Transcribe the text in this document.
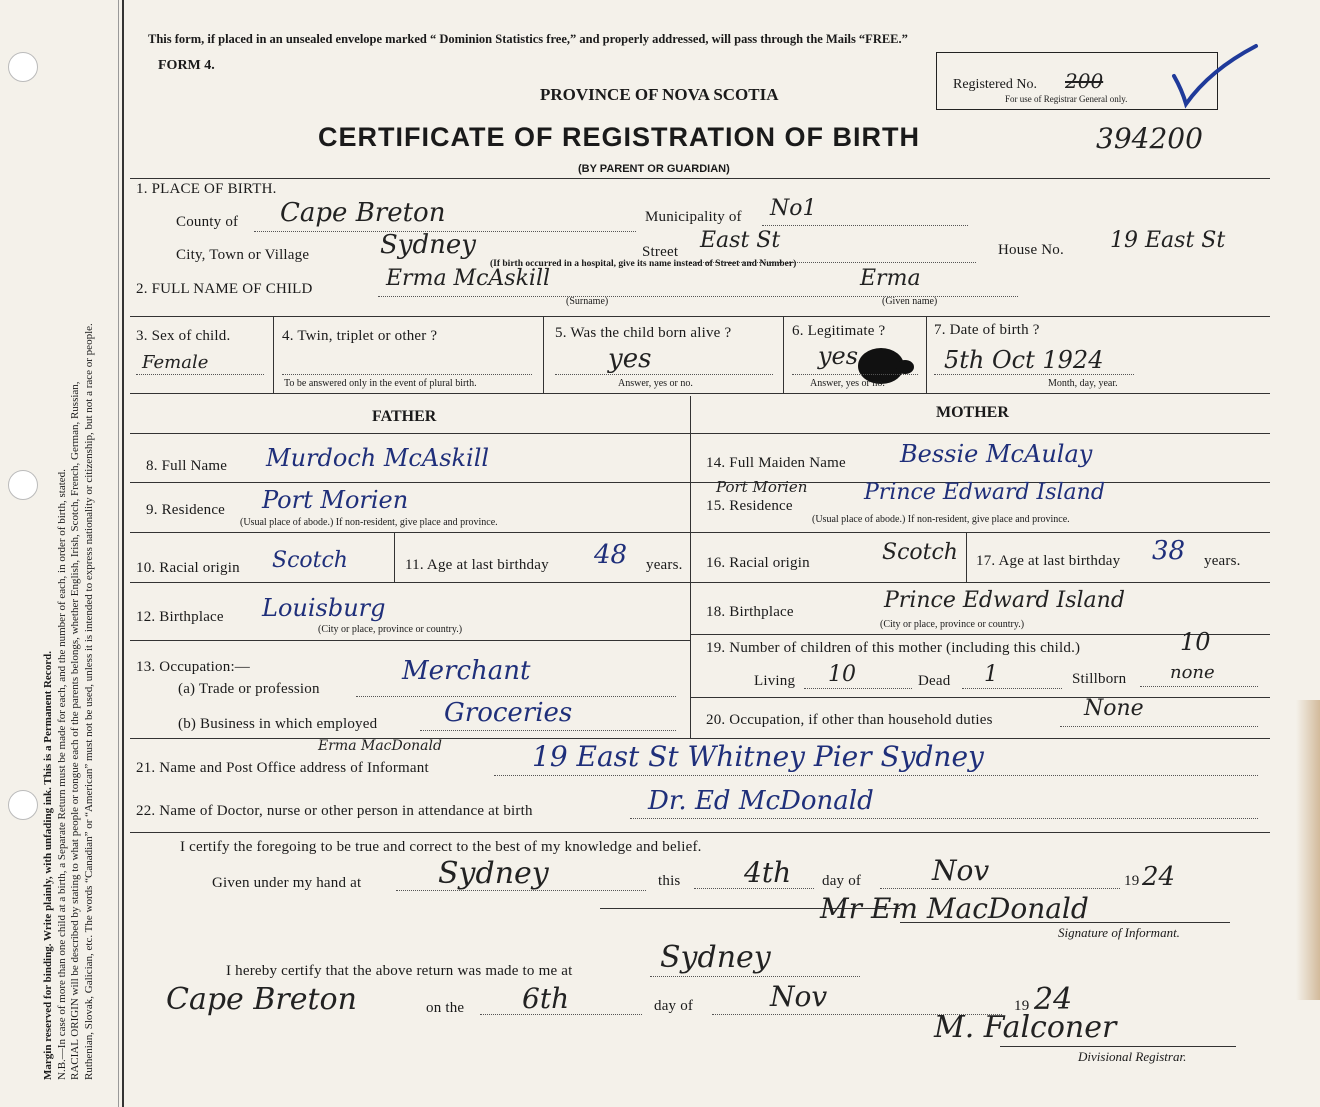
Margin reserved for binding. Write plainly, with unfading ink. This is a Permanent Record. N.B.—In case of more than one child at a birth, a Separate Return must be made for each, and the number of each, in order of birth, stated. RACIAL ORIGIN will be described by stating to what people or tongue each of the parents belongs, whether English, Irish, Scotch, French, German, Russian, Ruthenian, Slovak, Galician, etc. The words “Canadian” or “American” must not be used, unless it is intended to express nationality or citizenship, but not a race or people.
This form, if placed in an unsealed envelope marked “ Dominion Statistics free,” and properly addressed, will pass through the Mails “FREE.”
FORM 4.
PROVINCE OF NOVA SCOTIA
CERTIFICATE OF REGISTRATION OF BIRTH	394200
(BY PARENT OR GUARDIAN)
Registered No. 200
For use of Registrar General only.
1. PLACE OF BIRTH.
County of Cape Breton	Municipality of No1
City, Town or Village	Sydney	Street East St	House No. 19 East St
(If birth occurred in a hospital, give its name instead of Street and Number)
2. FULL NAME OF CHILD	Erma McAskill	Erma
(Surname)	(Given name)
3. Sex of child.
Female
4. Twin, triplet or other ?
To be answered only in the event of plural birth.
5. Was the child born alive ?
yes
Answer, yes or no.
6. Legitimate ?
yes
Answer, yes or no.
7. Date of birth ?
5th Oct 1924
Month, day, year.
FATHER
8. Full Name Murdoch McAskill
9. Residence Port Morien
(Usual place of abode.) If non-resident, give place and province.
10. Racial origin Scotch	11. Age at last birthday 48 years.
12. Birthplace Louisburg
(City or place, province or country.)
13. Occupation:—
(a) Trade or profession
Merchant
(b) Business in which employed	Groceries
MOTHER
14. Full Maiden Name Bessie McAulay
Port Morien
15. Residence
Prince Edward Island
(Usual place of abode.) If non-resident, give place and province.
16. Racial origin	Scotch 17. Age at last birthday 38 years.
18. Birthplace	Prince Edward Island
(City or place, province or country.)
19. Number of children of this mother (including this child.)	10
Living 10	Dead 1	Stillborn none
20. Occupation, if other than household duties	None
Erma MacDonald
21. Name and Post Office address of Informant	19 East St Whitney Pier Sydney
22. Name of Doctor, nurse or other person in attendance at birth	Dr. Ed McDonald
I certify the foregoing to be true and correct to the best of my knowledge and belief.
Given under my hand at	Sydney	this 4th day of	Nov	19 24
Mr Em MacDonald
Signature of Informant.
I hereby certify that the above return was made to me at	Sydney
Cape Breton	on the 6th	day of	Nov	19 24
M. Falconer
Divisional Registrar.
